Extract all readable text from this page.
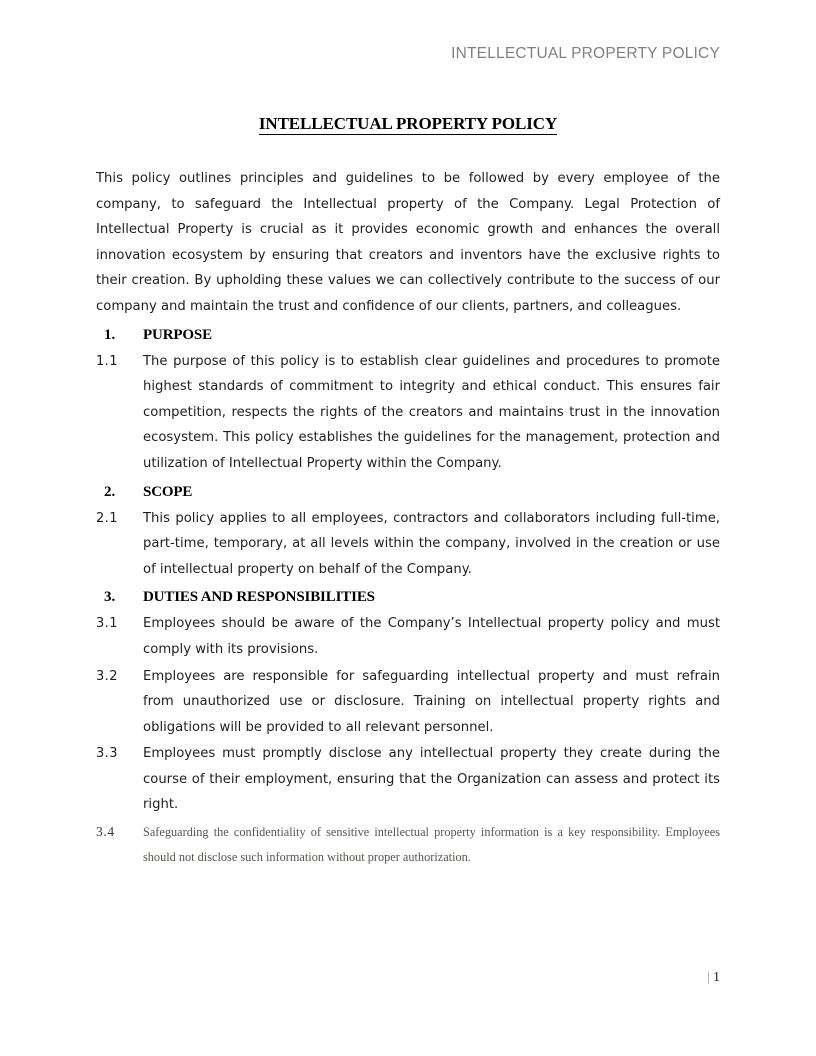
INTELLECTUAL PROPERTY POLICY
INTELLECTUAL PROPERTY POLICY

This policy outlines principles and guidelines to be followed by every employee of the company, to safeguard the Intellectual property of the Company. Legal Protection of Intellectual Property is crucial as it provides economic growth and enhances the overall innovation ecosystem by ensuring that creators and inventors have the exclusive rights to their creation. By upholding these values we can collectively contribute to the success of our company and maintain the trust and confidence of our clients, partners, and colleagues.

1.	PURPOSE
1.1	The purpose of this policy is to establish clear guidelines and procedures to promote highest standards of commitment to integrity and ethical conduct. This ensures fair competition, respects the rights of the creators and maintains trust in the innovation ecosystem. This policy establishes the guidelines for the management, protection and utilization of Intellectual Property within the Company.
2.	SCOPE
2.1	This policy applies to all employees, contractors and collaborators including full-time, part-time, temporary, at all levels within the company, involved in the creation or use of intellectual property on behalf of the Company.
3.	DUTIES AND RESPONSIBILITIES
3.1	Employees should be aware of the Company’s Intellectual property policy and must comply with its provisions.
3.2	Employees are responsible for safeguarding intellectual property and must refrain from unauthorized use or disclosure. Training on intellectual property rights and obligations will be provided to all relevant personnel.
3.3	Employees must promptly disclose any intellectual property they create during the course of their employment, ensuring that the Organization can assess and protect its right.
3.4	Safeguarding the confidentiality of sensitive intellectual property information is a key responsibility. Employees should not disclose such information without proper authorization.
| 1
